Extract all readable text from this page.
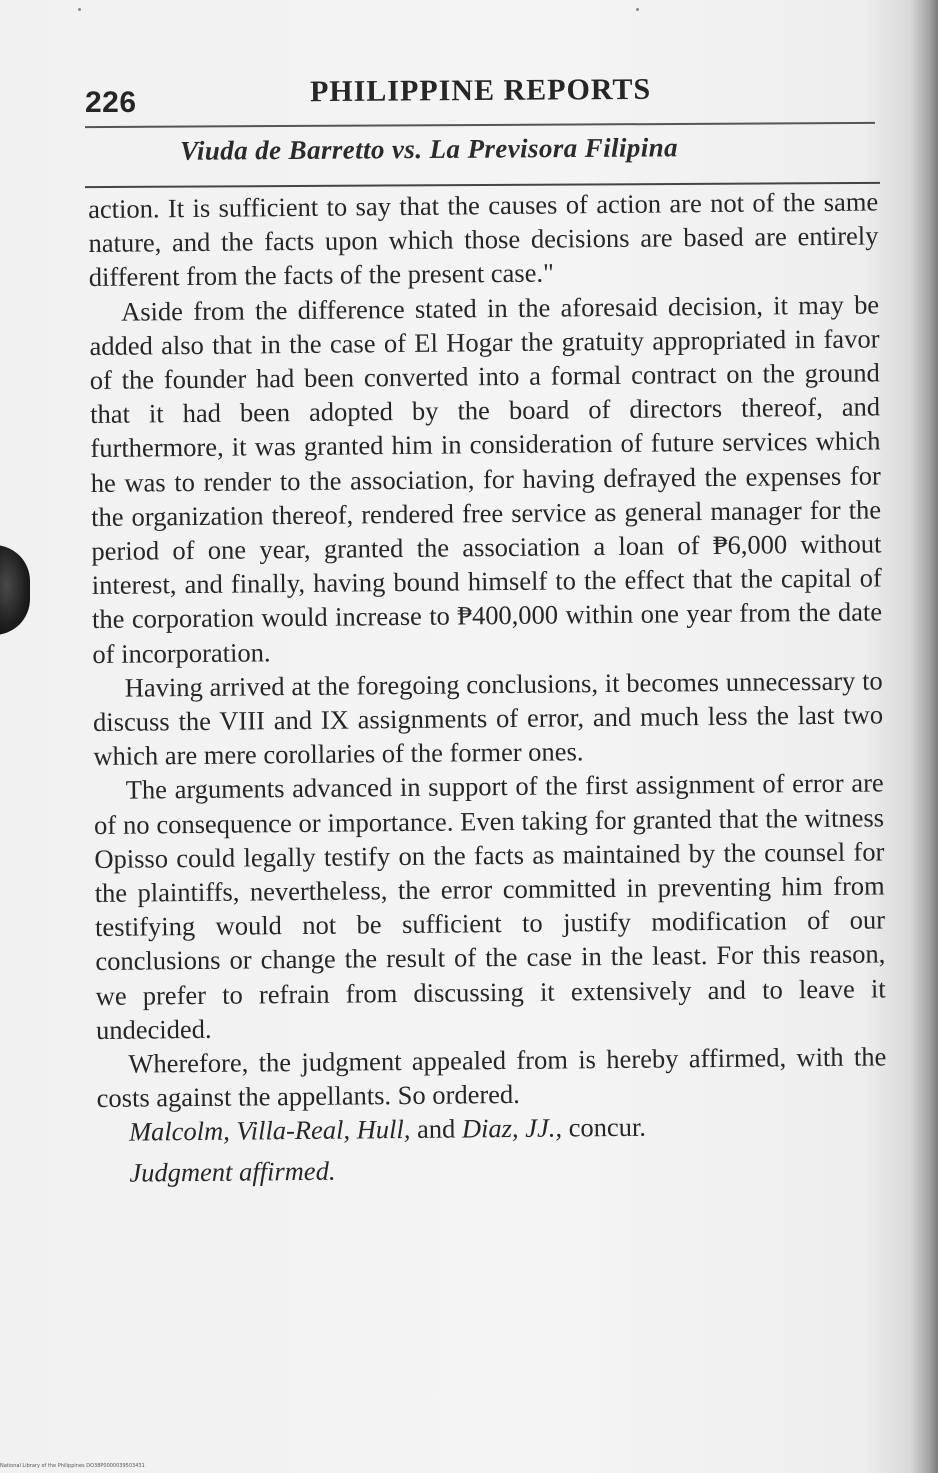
226	PHILIPPINE REPORTS
Viuda de Barretto vs. La Previsora Filipina

action. It is sufficient to say that the causes of action are not of the same nature, and the facts upon which those decisions are based are entirely different from the facts of the present case."

Aside from the difference stated in the aforesaid decision, it may be added also that in the case of El Hogar the gratuity appropriated in favor of the founder had been converted into a formal contract on the ground that it had been adopted by the board of directors thereof, and furthermore, it was granted him in consideration of future services which he was to render to the association, for having defrayed the expenses for the organization thereof, rendered free service as general manager for the period of one year, granted the association a loan of ₱6,000 without interest, and finally, having bound himself to the effect that the capital of the corporation would increase to ₱400,000 within one year from the date of incorporation.

Having arrived at the foregoing conclusions, it becomes unnecessary to discuss the VIII and IX assignments of error, and much less the last two which are mere corollaries of the former ones.

The arguments advanced in support of the first assignment of error are of no consequence or importance. Even taking for granted that the witness Opisso could legally testify on the facts as maintained by the counsel for the plaintiffs, nevertheless, the error committed in preventing him from testifying would not be sufficient to justify modification of our conclusions or change the result of the case in the least. For this reason, we prefer to refrain from discussing it extensively and to leave it undecided.

Wherefore, the judgment appealed from is hereby affirmed, with the costs against the appellants. So ordered.

Malcolm, Villa-Real, Hull, and Diaz, JJ., concur.

Judgment affirmed.

National Library of the Philippines DO38P0000039503431
